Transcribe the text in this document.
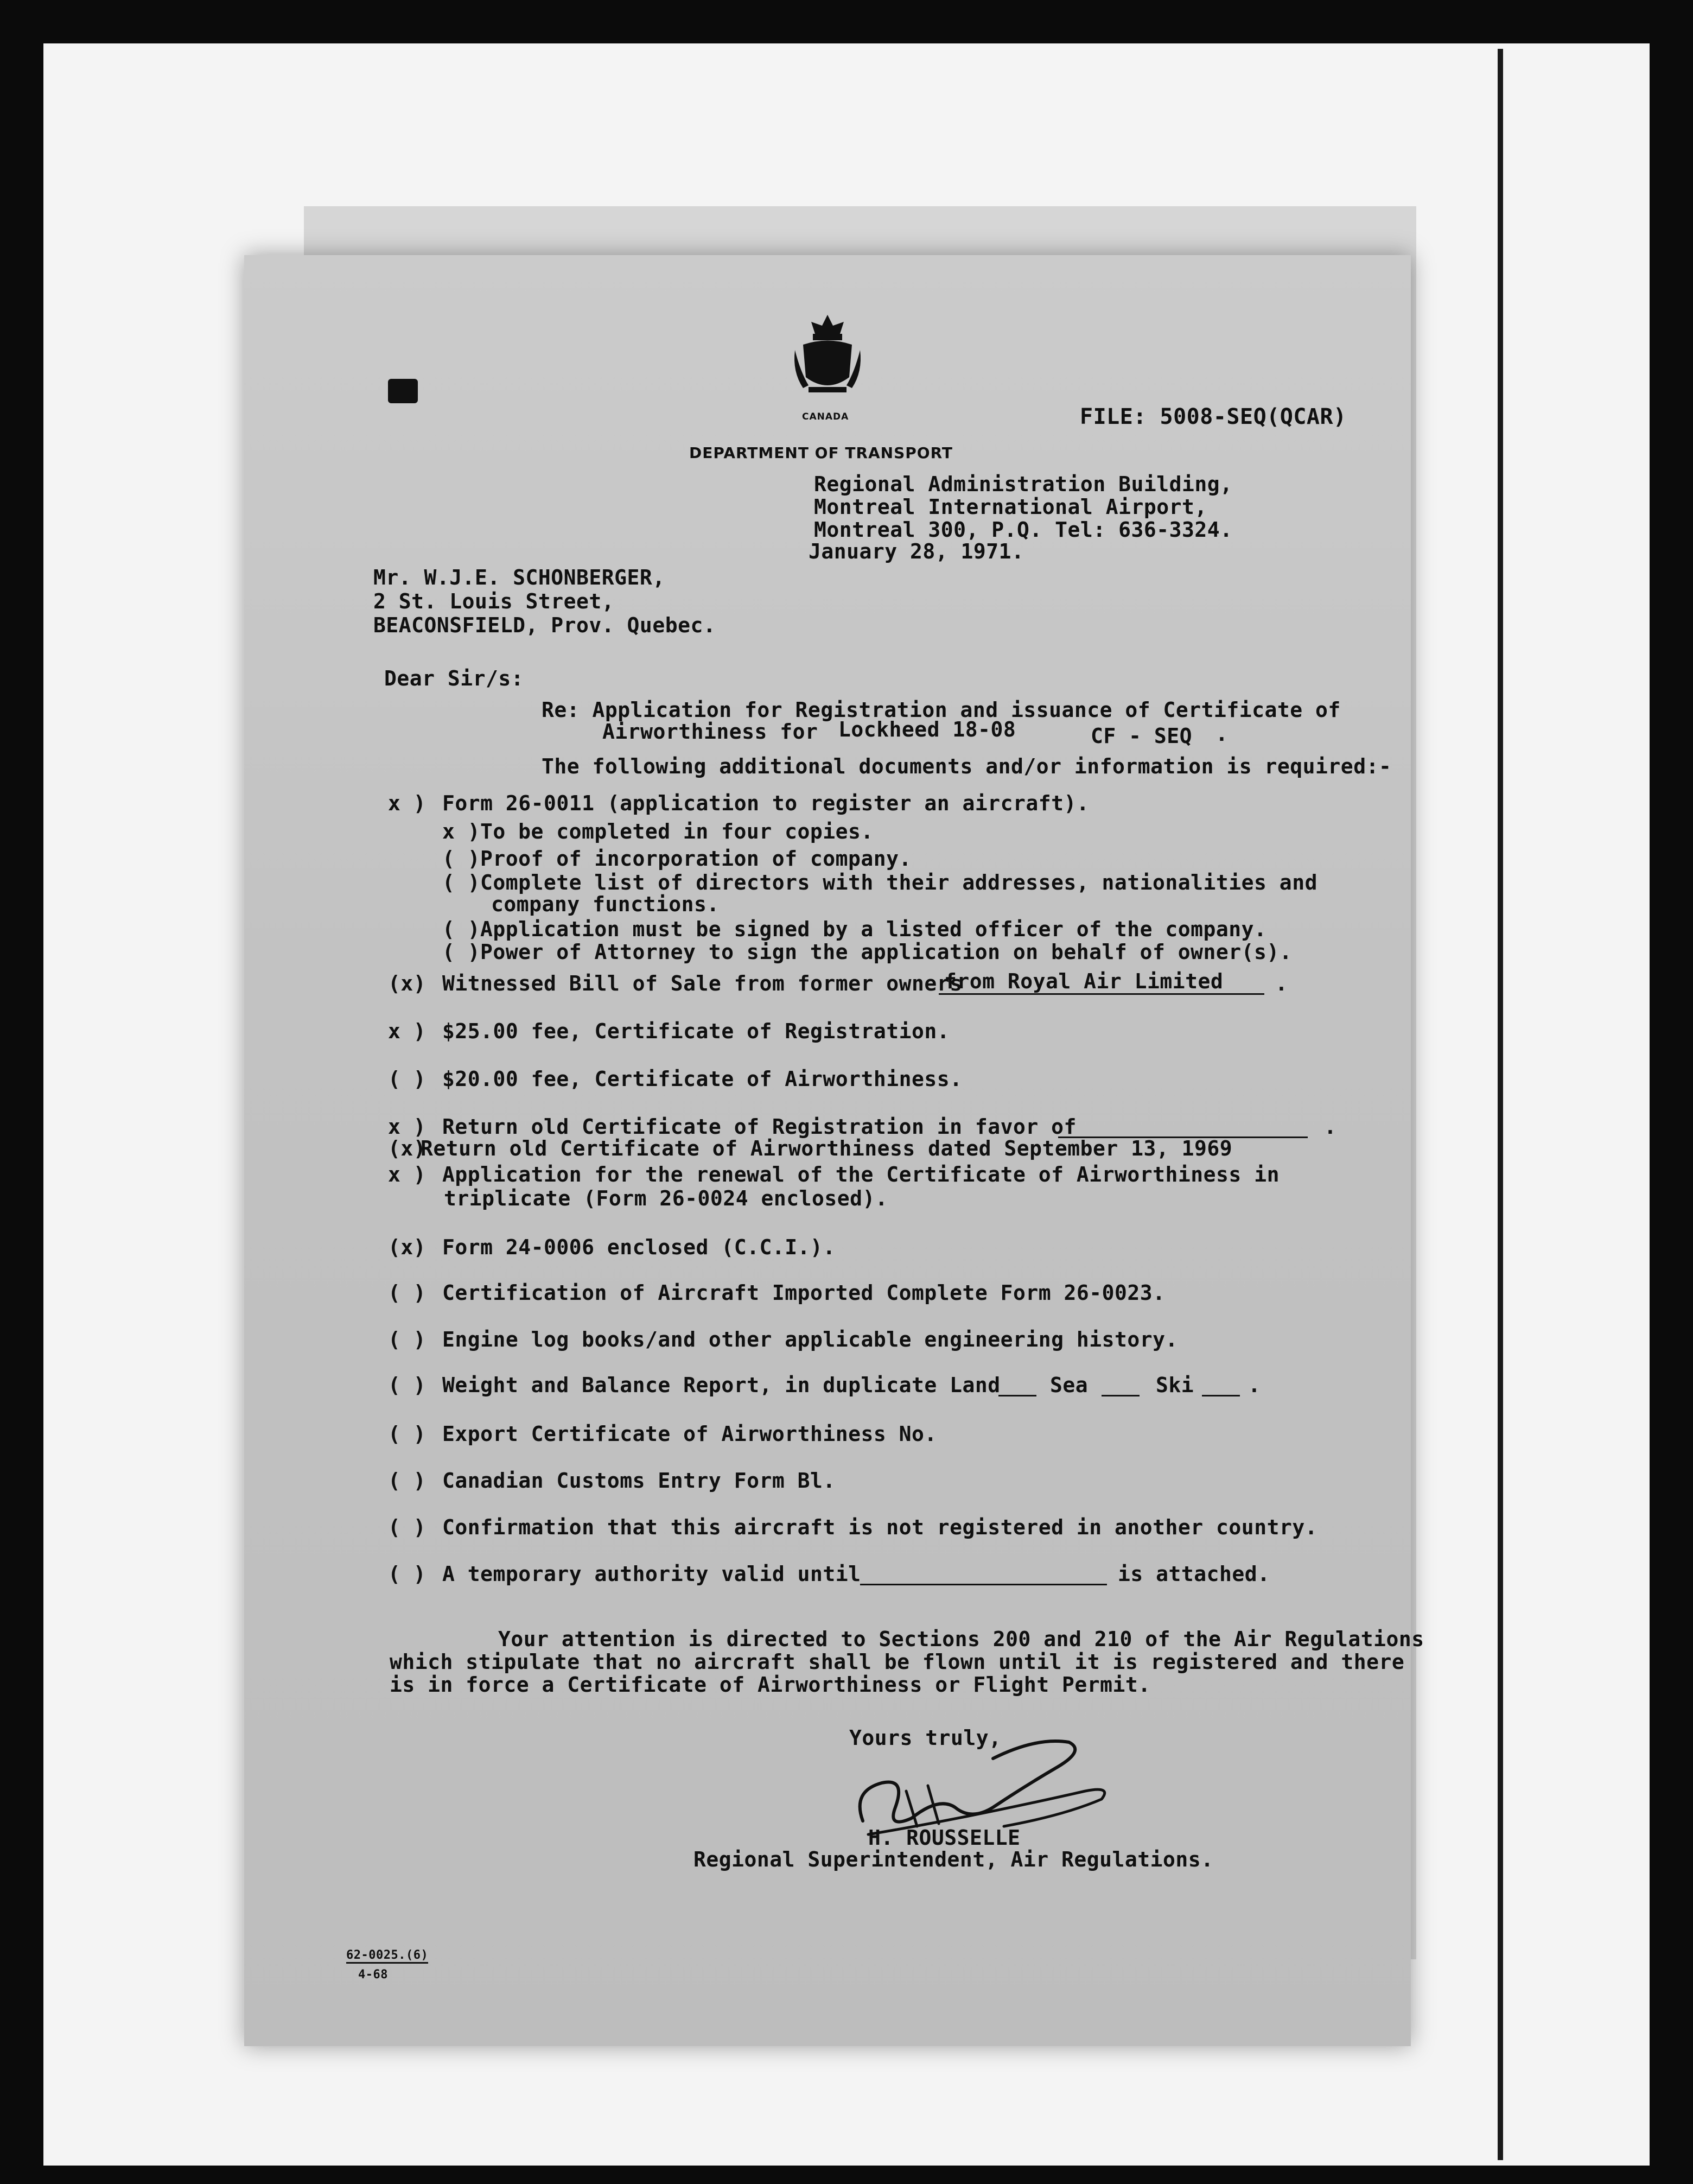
CANADA
DEPARTMENT OF TRANSPORT
FILE: 5008-SEQ(QCAR)
Regional Administration Building,
Montreal International Airport,
Montreal 300, P.Q. Tel: 636-3324.
January 28, 1971.
Mr. W.J.E. SCHONBERGER,
2 St. Louis Street,
BEACONSFIELD, Prov. Quebec.
Dear Sir/s:
Re: Application for Registration and issuance of Certificate of
Airworthiness for Lockheed 18-08	CF - SEQ .
The following additional documents and/or information is required:-
x ) Form 26-0011 (application to register an aircraft).
x )To be completed in four copies.
( )Proof of incorporation of company.
( )Complete list of directors with their addresses, nationalities and
company functions.
( )Application must be signed by a listed officer of the company.
( )Power of Attorney to sign the application on behalf of owner(s).
(x) Witnessed Bill of Sale from former owners
from Royal Air Limited	.
x ) $25.00 fee, Certificate of Registration.
( ) $20.00 fee, Certificate of Airworthiness.
x ) Return old Certificate of Registration in favor of	.
(x)Return old Certificate of Airworthiness dated September 13, 1969
x ) Application for the renewal of the Certificate of Airworthiness in
triplicate (Form 26-0024 enclosed).
(x) Form 24-0006 enclosed (C.C.I.).
( ) Certification of Aircraft Imported Complete Form 26-0023.
( ) Engine log books/and other applicable engineering history.
( ) Weight and Balance Report, in duplicate Land Sea	Ski	.
( ) Export Certificate of Airworthiness No.
( ) Canadian Customs Entry Form Bl.
( ) Confirmation that this aircraft is not registered in another country.
( ) A temporary authority valid until	is attached.
Your attention is directed to Sections 200 and 210 of the Air Regulations
which stipulate that no aircraft shall be flown until it is registered and there
is in force a Certificate of Airworthiness or Flight Permit.
Yours truly,
H. ROUSSELLE
Regional Superintendent, Air Regulations.
62-0025.(6)
4-68
